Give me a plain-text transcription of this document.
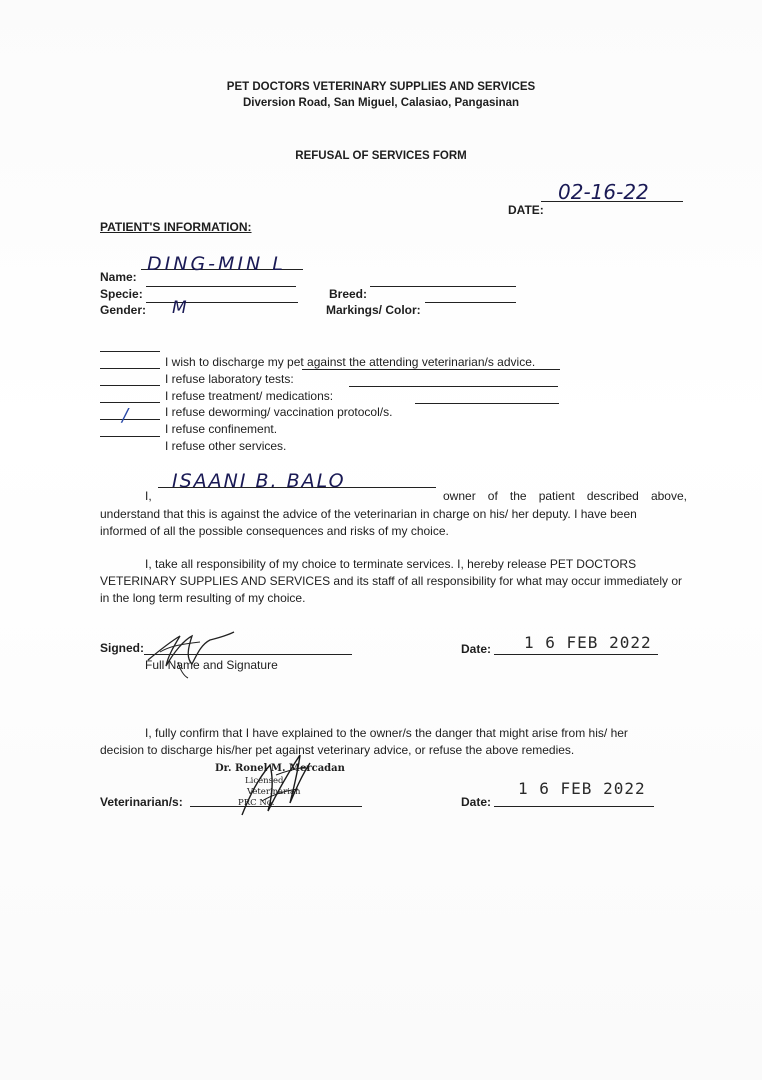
PET DOCTORS VETERINARY SUPPLIES AND SERVICES
Diversion Road, San Miguel, Calasiao, Pangasinan
REFUSAL OF SERVICES FORM
DATE:
02-16-22
PATIENT'S INFORMATION:
Name:
DING-MIN L
Specie:	Breed:
Gender: M	Markings/ Color:
I wish to discharge my pet against the attending veterinarian/s advice.
I refuse laboratory tests:
I refuse treatment/ medications:
I refuse deworming/ vaccination protocol/s.
/
I refuse confinement.
I refuse other services.
I,
ISAANI B. BALO
owner of the patient described above,
understand that this is against the advice of the veterinarian in charge on his/ her deputy. I have been
informed of all the possible consequences and risks of my choice.
I, take all responsibility of my choice to terminate services. I, hereby release PET DOCTORS
VETERINARY SUPPLIES AND SERVICES and its staff of all responsibility for what may occur immediately or
in the long term resulting of my choice.
Signed:
Full Name and Signature
Date: 1 6 FEB 2022
I, fully confirm that I have explained to the owner/s the danger that might arise from his/ her
decision to discharge his/her pet against veterinary advice, or refuse the above remedies.
Veterinarian/s:
Dr. Ronel M. Mercadan
Licensed
Veterinarian
PRC No.	Date:
1 6 FEB 2022
